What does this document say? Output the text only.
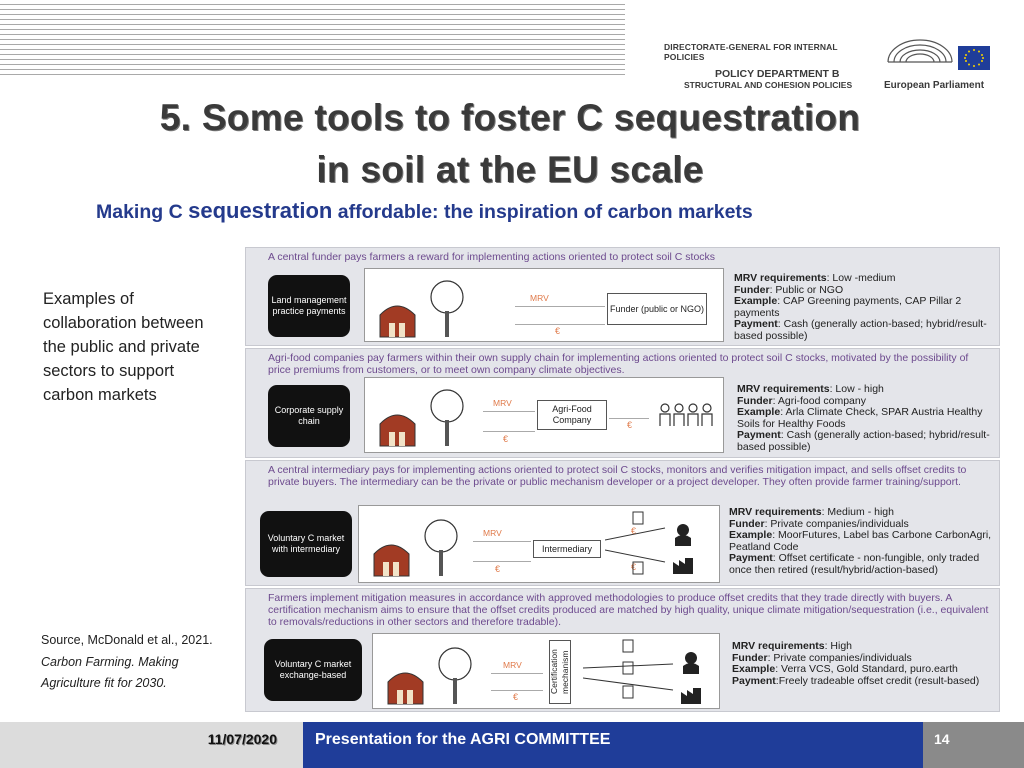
DIRECTORATE-GENERAL FOR INTERNAL POLICIES
POLICY DEPARTMENT B
STRUCTURAL AND COHESION POLICIES	European Parliament
5. Some tools to foster C sequestration
in soil at the EU scale
Making C sequestration affordable: the inspiration of carbon markets
Examples of collaboration between the public and private sectors to support carbon markets
Source, McDonald et al., 2021. Carbon Farming. Making Agriculture fit for 2030.
A central funder pays farmers a reward for implementing actions oriented to protect soil C stocks
Land management practice payments
MRV
€
Funder (public or NGO)
MRV requirements: Low -medium
Funder: Public or NGO
Example: CAP Greening payments, CAP Pillar 2 payments
Payment: Cash (generally action-based; hybrid/result-based possible)
Agri-food companies pay farmers within their own supply chain for implementing actions oriented to protect soil C stocks, motivated by the possibility of price premiums from customers, or to meet own company climate objectives.
Corporate supply chain
MRV
€
Agri-Food Company	€
MRV requirements: Low - high
Funder: Agri-food company
Example: Arla Climate Check, SPAR Austria Healthy Soils for Healthy Foods
Payment: Cash (generally action-based; hybrid/result-based possible)
A central intermediary pays for implementing actions oriented to protect soil C stocks, monitors and verifies mitigation impact, and sells offset credits to private buyers. The intermediary can be the private or public mechanism developer or a project developer. They often provide farmer training/support.
Voluntary C market with intermediary
MRV
€
Intermediary
€
€
MRV requirements: Medium - high
Funder: Private companies/individuals
Example: MoorFutures, Label bas Carbone CarbonAgri, Peatland Code
Payment: Offset certificate - non-fungible, only traded once then retired (result/hybrid/action-based)
Farmers implement mitigation measures in accordance with approved methodologies to produce offset credits that they trade directly with buyers. A certification mechanism aims to ensure that the offset credits produced are matched by high quality, unique climate mitigation/sequestration (i.e., equivalent to removals/reductions in other sectors and therefore tradable).
Voluntary C market exchange-based
MRV
€
Certification mechanism
MRV requirements: High
Funder: Private companies/individuals
Example: Verra VCS, Gold Standard, puro.earth
Payment:Freely tradeable offset credit (result-based)
11/07/2020 Presentation for the AGRI COMMITTEE	14
